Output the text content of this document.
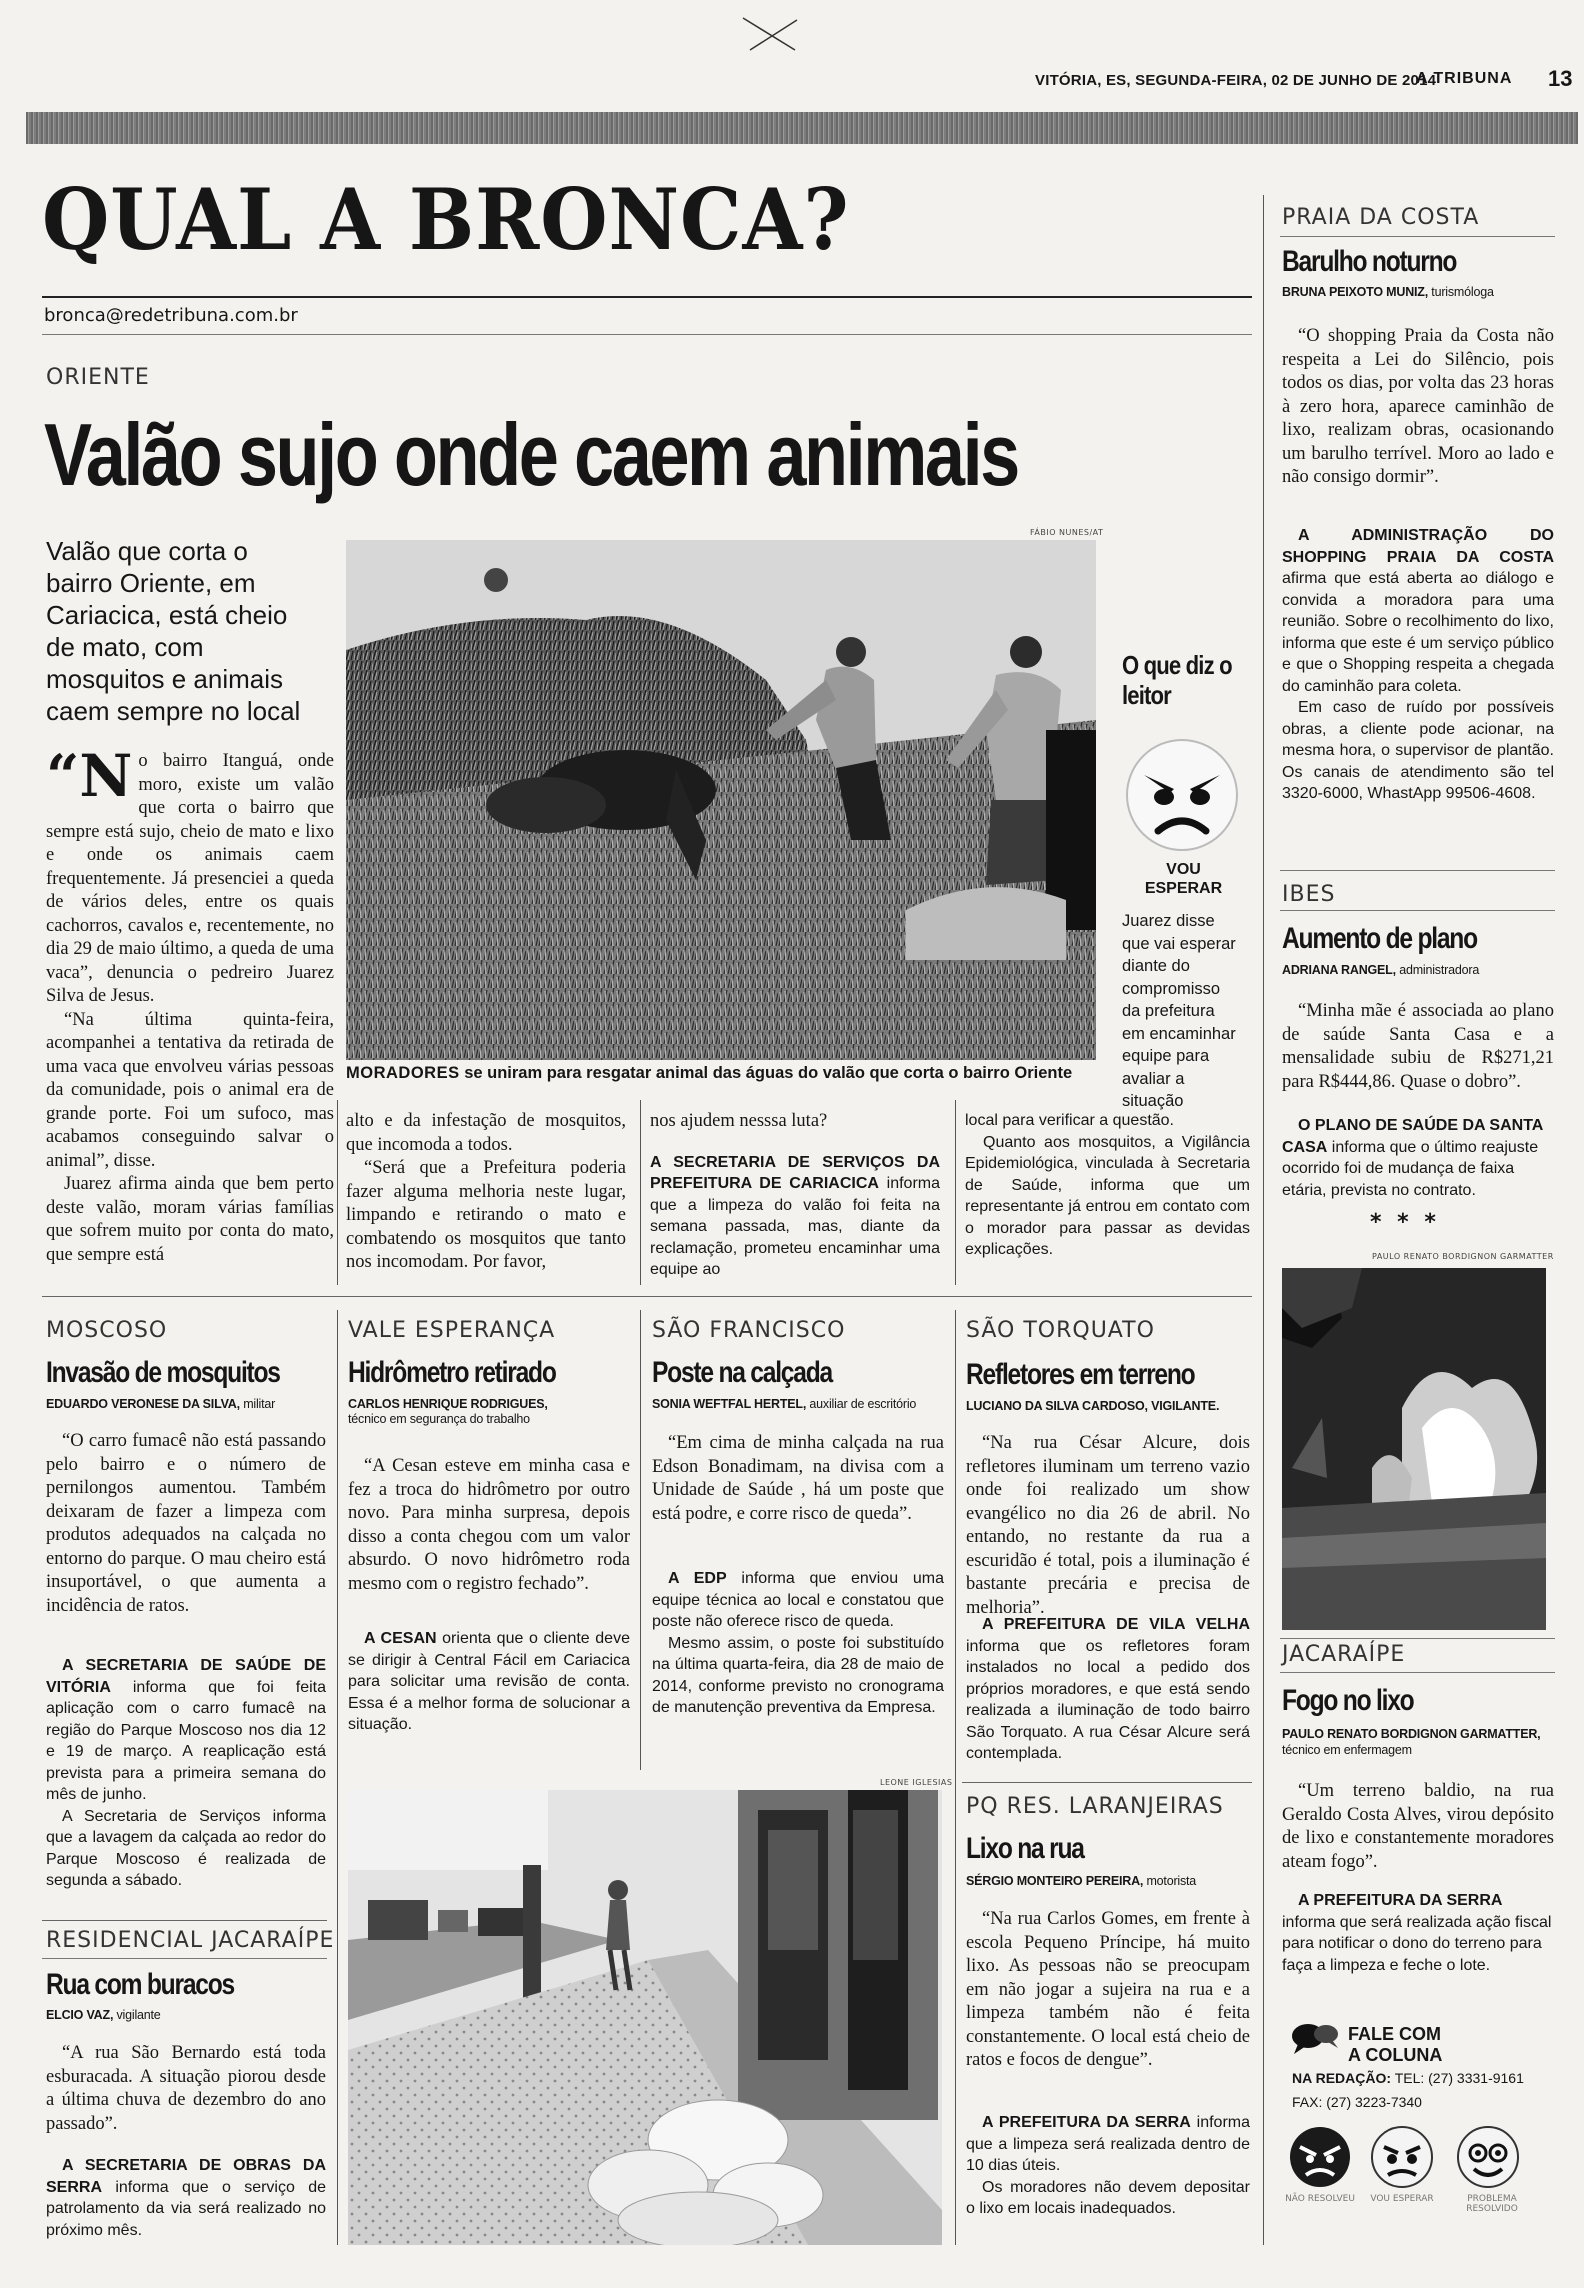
VITÓRIA, ES, SEGUNDA-FEIRA, 02 DE JUNHO DE 2014
A TRIBUNA 13
QUAL A BRONCA?
bronca@redetribuna.com.br
ORIENTE
Valão sujo onde caem animais
Valão que corta o
bairro Oriente, em
Cariacica, está cheio
de mato, com
mosquitos e animais
caem sempre no local
FÁBIO NUNES/AT
MORADORES se uniram para resgatar animal das águas do valão que corta o bairro Oriente
O que diz o leitor
VOU ESPERAR
Juarez disse que vai esperar diante do compromisso da prefeitura em encaminhar equipe para avaliar a situação
“No bairro Itanguá, onde moro, existe um valão que corta o bairro que sempre está sujo, cheio de mato e lixo e onde os animais caem frequentemente. Já presenciei a queda de vários deles, entre os quais cachorros, cavalos e, recentemente, no dia 29 de maio último, a queda de uma vaca”, denuncia o pedreiro Juarez Silva de Jesus.
“Na última quinta-feira, acompanhei a tentativa da retirada de uma vaca que envolveu várias pessoas da comunidade, pois o animal era de grande porte. Foi um sufoco, mas acabamos conseguindo salvar o animal”, disse.
Juarez afirma ainda que bem perto deste valão, moram várias famílias que sofrem muito por conta do mato, que sempre está
alto e da infestação de mosquitos, que incomoda a todos.
“Será que a Prefeitura poderia fazer alguma melhoria neste lugar, limpando e retirando o mato e combatendo os mosquitos que tanto nos incomodam. Por favor,
nos ajudem nesssa luta?
A SECRETARIA DE SERVIÇOS DA PREFEITURA DE CARIACICA informa que a limpeza do valão foi feita na semana passada, mas, diante da reclamação, prometeu encaminhar uma equipe ao
local para verificar a questão.
Quanto aos mosquitos, a Vigilância Epidemiológica, vinculada à Secretaria de Saúde, informa que um representante já entrou em contato com o morador para passar as devidas explicações.
PRAIA DA COSTA
Barulho noturno
BRUNA PEIXOTO MUNIZ, turismóloga
“O shopping Praia da Costa não respeita a Lei do Silêncio, pois todos os dias, por volta das 23 horas à zero hora, aparece caminhão de lixo, realizam obras, ocasionando um barulho terrível. Moro ao lado e não consigo dormir”.
A ADMINISTRAÇÃO DO SHOPPING PRAIA DA COSTA afirma que está aberta ao diálogo e convida a moradora para uma reunião. Sobre o recolhimento do lixo, informa que este é um serviço público e que o Shopping respeita a chegada do caminhão para coleta.
Em caso de ruído por possíveis obras, a cliente pode acionar, na mesma hora, o supervisor de plantão. Os canais de atendimento são tel 3320-6000, WhastApp 99506-4608.
IBES
Aumento de plano
ADRIANA RANGEL, administradora
“Minha mãe é associada ao plano de saúde Santa Casa e a mensalidade subiu de R$271,21 para R$444,86. Quase o dobro”.
O PLANO DE SAÚDE DA SANTA CASA informa que o último reajuste ocorrido foi de mudança de faixa etária, prevista no contrato.
* * *
PAULO RENATO BORDIGNON GARMATTER
JACARAÍPE
Fogo no lixo
PAULO RENATO BORDIGNON GARMATTER,
técnico em enfermagem
“Um terreno baldio, na rua Geraldo Costa Alves, virou depósito de lixo e constantemente moradores ateam fogo”.
A PREFEITURA DA SERRA informa que será realizada ação fiscal para notificar o dono do terreno para faça a limpeza e feche o lote.
FALE COM
A COLUNA
NA REDAÇÃO: TEL: (27) 3331-9161
FAX: (27) 3223-7340
NÃO RESOLVEU	VOU ESPERAR	PROBLEMA RESOLVIDO
MOSCOSO
Invasão de mosquitos
EDUARDO VERONESE DA SILVA, militar
“O carro fumacê não está passando pelo bairro e o número de pernilongos aumentou. Também deixaram de fazer a limpeza com produtos adequados na calçada no entorno do parque. O mau cheiro está insuportável, o que aumenta a incidência de ratos.
A SECRETARIA DE SAÚDE DE VITÓRIA informa que foi feita aplicação com o carro fumacê na região do Parque Moscoso nos dia 12 e 19 de março. A reaplicação está prevista para a primeira semana do mês de junho.
A Secretaria de Serviços informa que a lavagem da calçada ao redor do Parque Moscoso é realizada de segunda a sábado.
RESIDENCIAL JACARAÍPE
Rua com buracos
ELCIO VAZ, vigilante
“A rua São Bernardo está toda esburacada. A situação piorou desde a última chuva de dezembro do ano passado”.
A SECRETARIA DE OBRAS DA SERRA informa que o serviço de patrolamento da via será realizado no próximo mês.
VALE ESPERANÇA
Hidrômetro retirado
CARLOS HENRIQUE RODRIGUES, técnico em segurança do trabalho
“A Cesan esteve em minha casa e fez a troca do hidrômetro por outro novo. Para minha surpresa, depois disso a conta chegou com um valor absurdo. O novo hidrômetro roda mesmo com o registro fechado”.
A CESAN orienta que o cliente deve se dirigir à Central Fácil em Cariacica para solicitar uma revisão de conta. Essa é a melhor forma de solucionar a situação.
SÃO FRANCISCO
Poste na calçada
SONIA WEFTFAL HERTEL, auxiliar de escritório
“Em cima de minha calçada na rua Edson Bonadimam, na divisa com a Unidade de Saúde , há um poste que está podre, e corre risco de queda”.
A EDP informa que enviou uma equipe técnica ao local e constatou que poste não oferece risco de queda.
Mesmo assim, o poste foi substituído na última quarta-feira, dia 28 de maio de 2014, conforme previsto no cronograma de manutenção preventiva da Empresa.
SÃO TORQUATO
Refletores em terreno
LUCIANO DA SILVA CARDOSO, VIGILANTE.
“Na rua César Alcure, dois refletores iluminam um terreno vazio onde foi realizado um show evangélico no dia 26 de abril. No entando, no restante da rua a escuridão é total, pois a iluminação é bastante precária e precisa de melhoria”.
A PREFEITURA DE VILA VELHA informa que os refletores foram instalados no local a pedido dos próprios moradores, e que está sendo realizada a iluminação de todo bairro São Torquato. A rua César Alcure será contemplada.
PQ RES. LARANJEIRAS
Lixo na rua
SÉRGIO MONTEIRO PEREIRA, motorista
“Na rua Carlos Gomes, em frente à escola Pequeno Príncipe, há muito lixo. As pessoas não se preocupam em não jogar a sujeira na rua e a limpeza também não é feita constantemente. O local está cheio de ratos e focos de dengue”.
A PREFEITURA DA SERRA informa que a limpeza será realizada dentro de 10 dias úteis.
Os moradores não devem depositar o lixo em locais inadequados.
LEONE IGLESIAS
